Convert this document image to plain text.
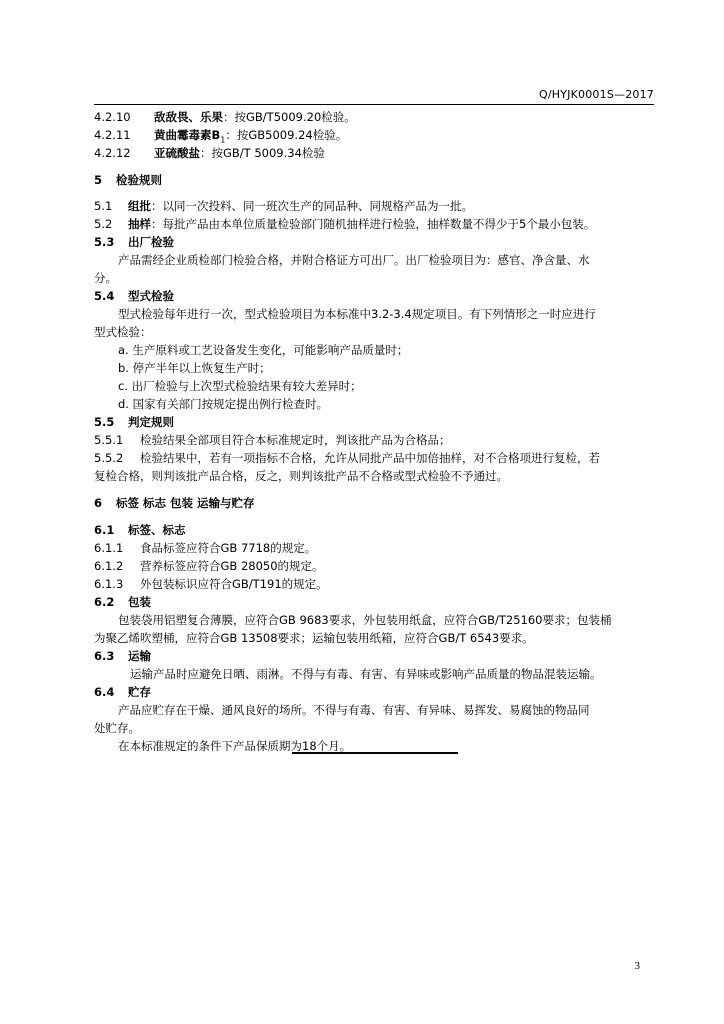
Q/HYJK0001S—2017
4.2.10 敌敌畏、乐果：按GB/T5009.20检验。
4.2.11 黄曲霉毒素$B_1$：按GB5009.24检验。
4.2.12 亚硫酸盐：按GB/T 5009.34检验
5 检验规则
5.1 组批：以同一次投料、同一班次生产的同品种、同规格产品为一批。
5.2 抽样：每批产品由本单位质量检验部门随机抽样进行检验，抽样数量不得少于5个最小包装。
5.3 出厂检验
产品需经企业质检部门检验合格，并附合格证方可出厂。出厂检验项目为：感官、净含量、水
分。
5.4 型式检验
型式检验每年进行一次，型式检验项目为本标准中3.2-3.4规定项目。有下列情形之一时应进行
型式检验：
a. 生产原料或工艺设备发生变化，可能影响产品质量时；
b. 停产半年以上恢复生产时；
c. 出厂检验与上次型式检验结果有较大差异时；
d. 国家有关部门按规定提出例行检查时。
5.5 判定规则
5.5.1 检验结果全部项目符合本标准规定时，判该批产品为合格品；
5.5.2 检验结果中，若有一项指标不合格，允许从同批产品中加倍抽样，对不合格项进行复检，若
复检合格，则判该批产品合格，反之，则判该批产品不合格或型式检验不予通过。
6 标签 标志 包装 运输与贮存
6.1 标签、标志
6.1.1 食品标签应符合GB 7718的规定。
6.1.2 营养标签应符合GB 28050的规定。
6.1.3 外包装标识应符合GB/T191的规定。
6.2 包装
包装袋用铝塑复合薄膜，应符合GB 9683要求，外包装用纸盒，应符合GB/T25160要求；包装桶
为聚乙烯吹塑桶，应符合GB 13508要求；运输包装用纸箱，应符合GB/T 6543要求。
6.3 运输
运输产品时应避免日晒、雨淋。不得与有毒、有害、有异味或影响产品质量的物品混装运输。
6.4 贮存
产品应贮存在干燥、通风良好的场所。不得与有毒、有害、有异味、易挥发、易腐蚀的物品同
处贮存。
在本标准规定的条件下产品保质期为18个月。
3
